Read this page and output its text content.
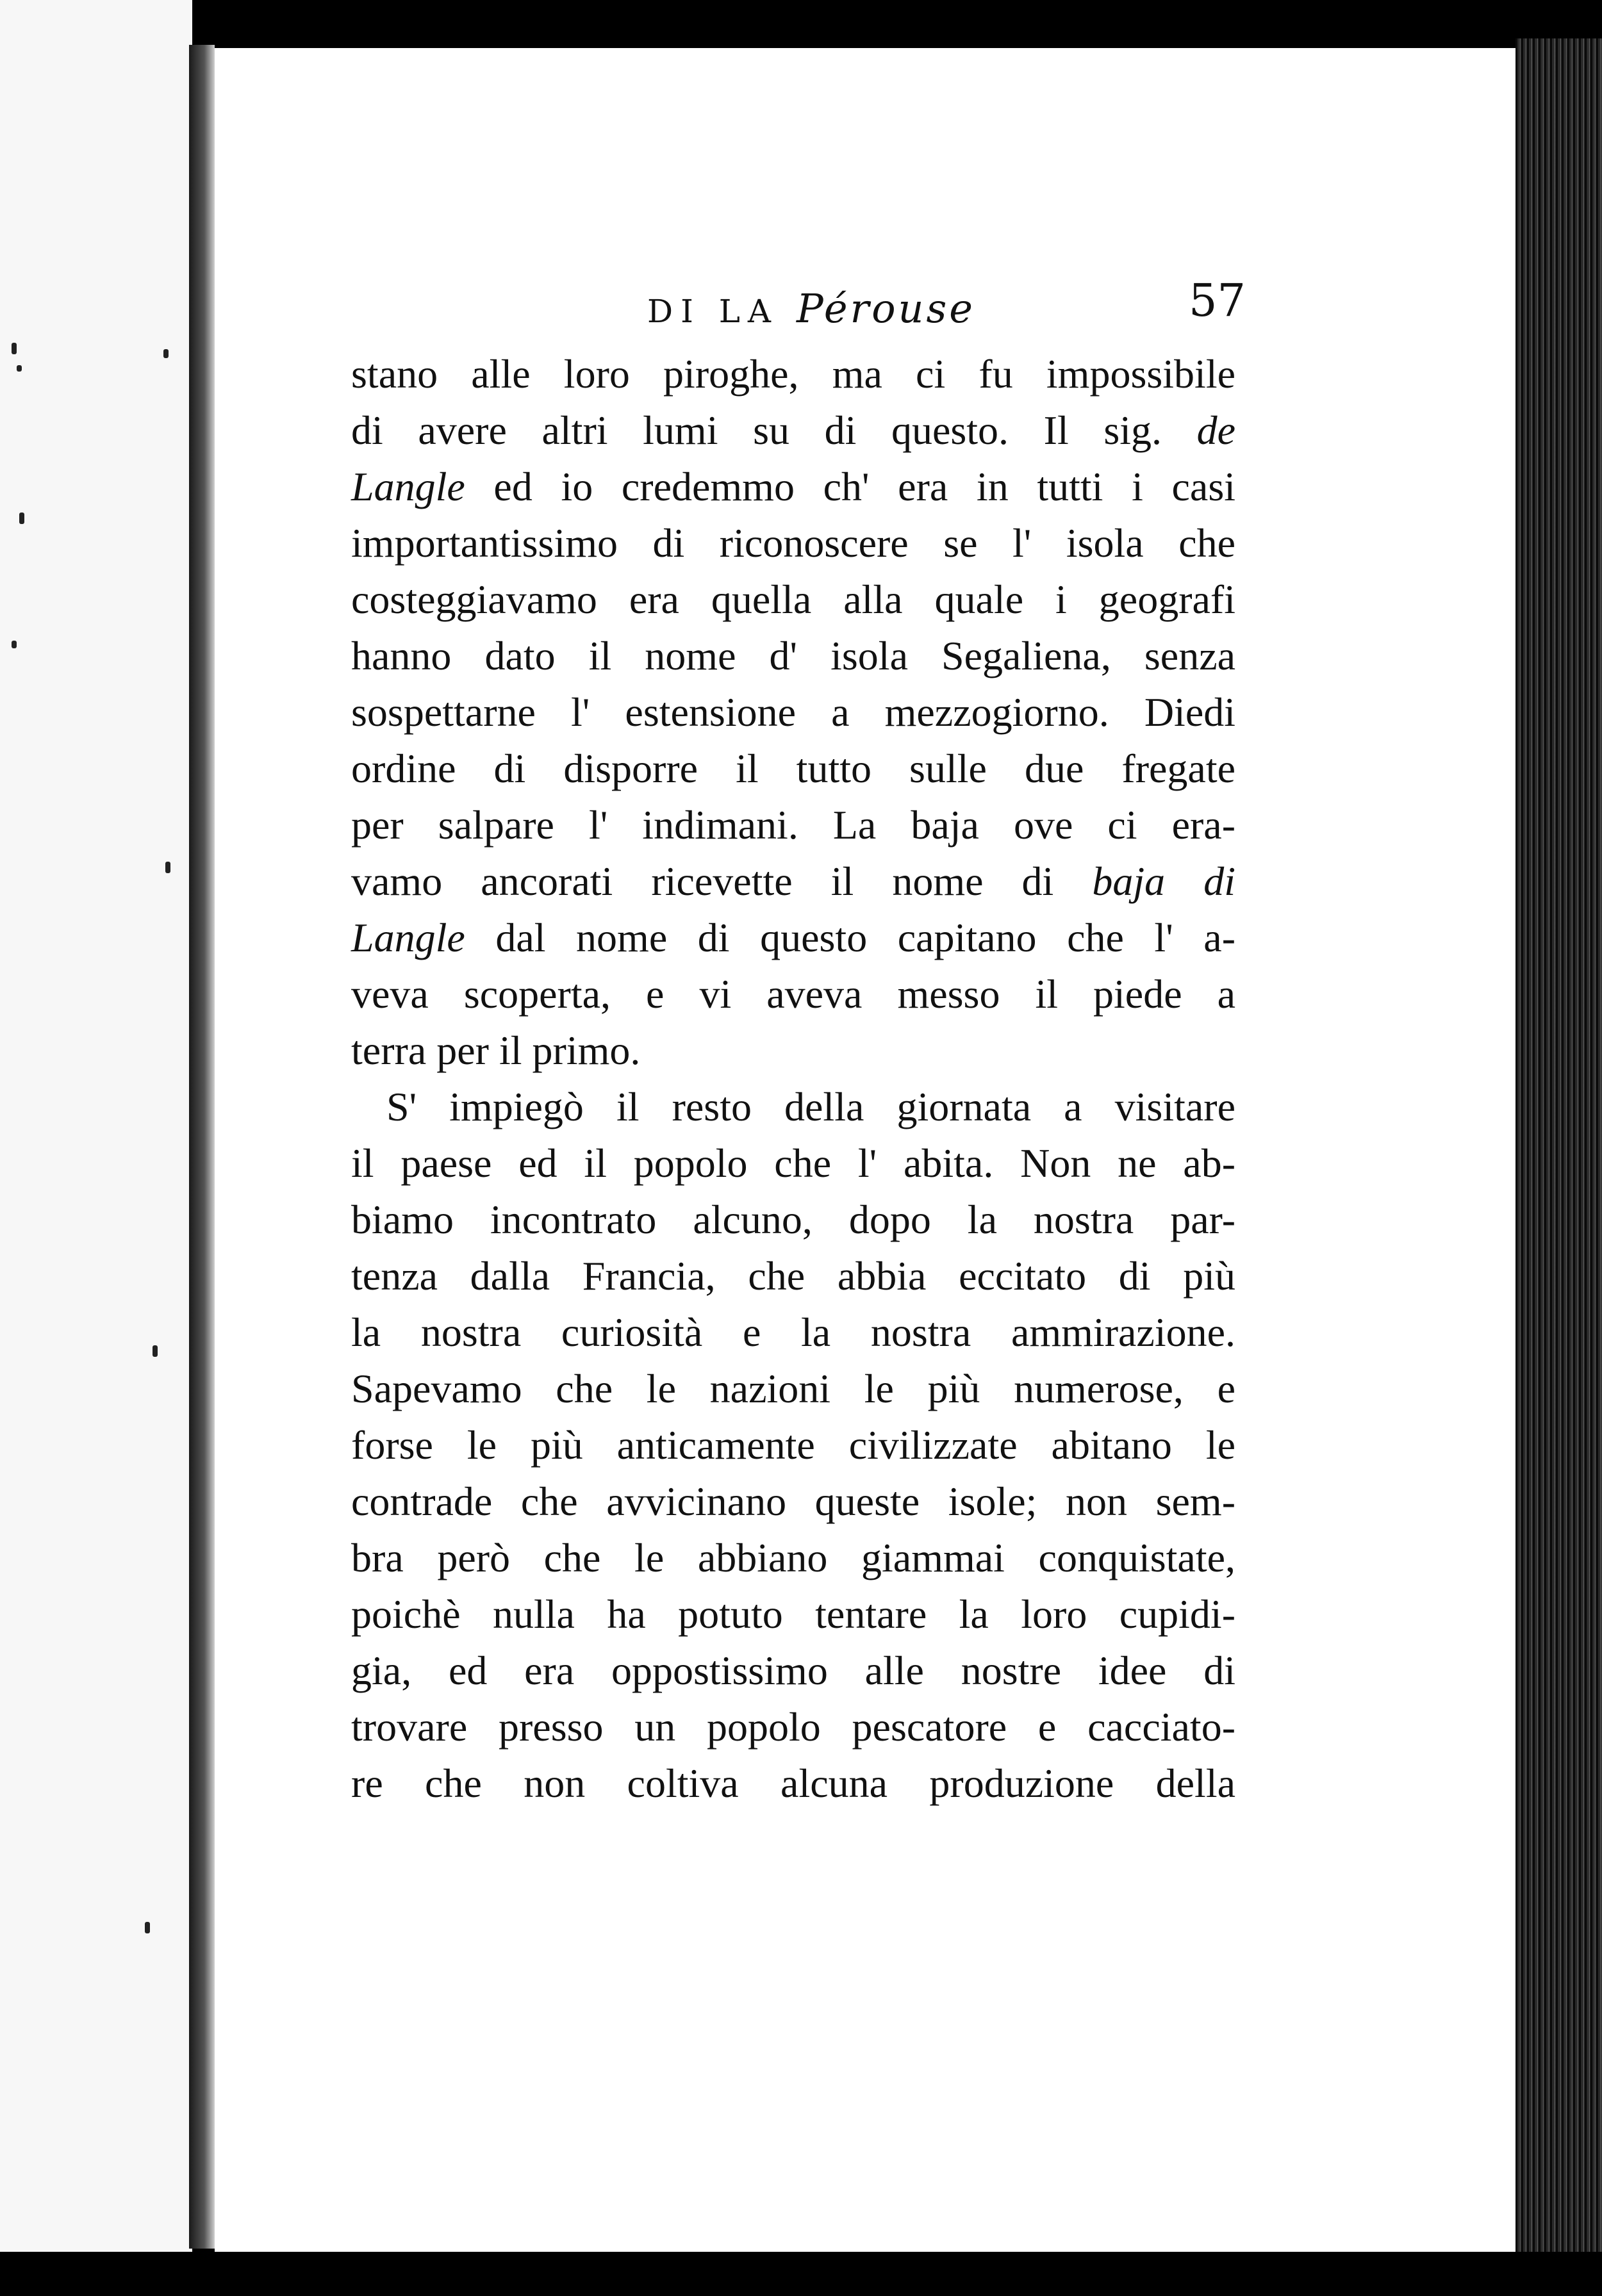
DI LA Pérouse	57
stano alle loro piroghe, ma ci fu impossibile
di avere altri lumi su di questo. Il sig. de
Langle ed io credemmo ch' era in tutti i casi
importantissimo di riconoscere se l' isola che
costeggiavamo era quella alla quale i geografi
hanno dato il nome d' isola Segaliena, senza
sospettarne l' estensione a mezzogiorno. Diedi
ordine di disporre il tutto sulle due fregate
per salpare l' indimani. La baja ove ci era-
vamo ancorati ricevette il nome di baja di
Langle dal nome di questo capitano che l' a-
veva scoperta, e vi aveva messo il piede a
terra per il primo.
S' impiegò il resto della giornata a visitare
il paese ed il popolo che l' abita. Non ne ab-
biamo incontrato alcuno, dopo la nostra par-
tenza dalla Francia, che abbia eccitato di più
la nostra curiosità e la nostra ammirazione.
Sapevamo che le nazioni le più numerose, e
forse le più anticamente civilizzate abitano le
contrade che avvicinano queste isole; non sem-
bra però che le abbiano giammai conquistate,
poichè nulla ha potuto tentare la loro cupidi-
gia, ed era oppostissimo alle nostre idee di
trovare presso un popolo pescatore e cacciato-
re che non coltiva alcuna produzione della
